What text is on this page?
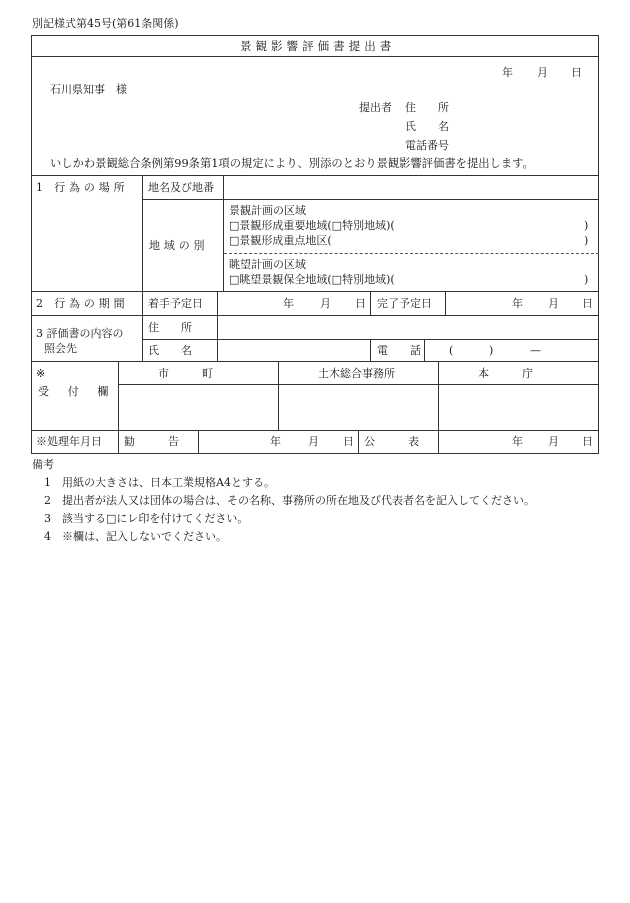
別記様式第45号(第61条関係)
景観影響評価書提出書
年 月 日
石川県知事　様
提出者 住　　所
氏　　名
電話番号
いしかわ景観総合条例第99条第1項の規定により、別添のとおり景観影響評価書を提出します。
1 行為の場所 地名及び地番
地域の別
景観計画の区域
□景観形成重要地域(□特別地域)(	)
□景観形成重点地区(	)
眺望計画の区域
□眺望景観保全地域(□特別地域)(	)
2 行為の期間 着手予定日	年 月 日 完了予定日	年 月 日
3 評価書の内容の
照会先
住　　所
氏　　名	電　　話	(	)	—
※
受　付　欄
市　　　町	土木総合事務所	本　　　庁
※処理年月日 勧　　　告	年 月 日 公　　　表	年 月 日
備考
1 用紙の大きさは、日本工業規格A4とする。
2 提出者が法人又は団体の場合は、その名称、事務所の所在地及び代表者名を記入してください。
3 該当する□にレ印を付けてください。
4 ※欄は、記入しないでください。
